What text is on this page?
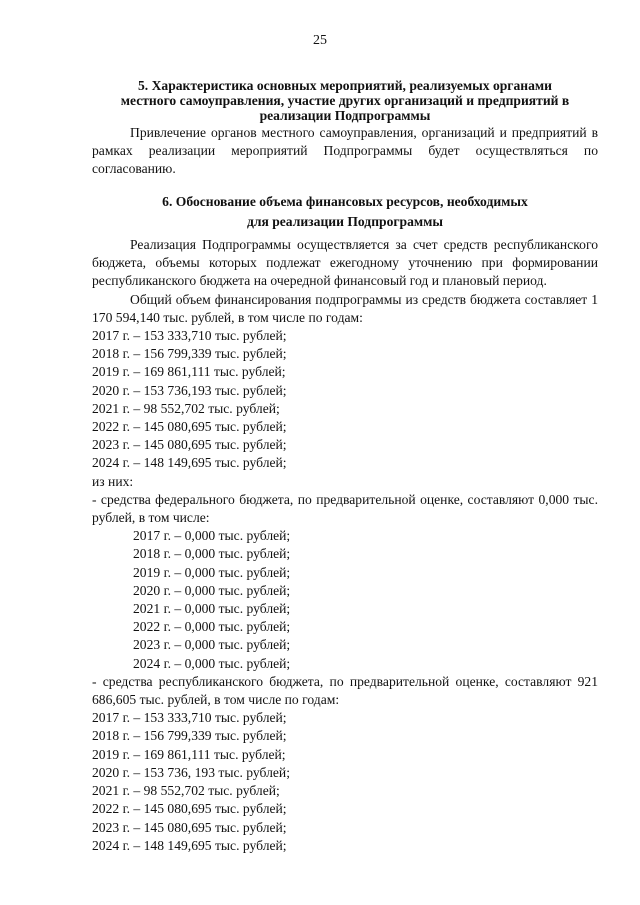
25
5. Характеристика основных мероприятий, реализуемых органами
местного самоуправления, участие других организаций и предприятий в
реализации Подпрограммы

Привлечение органов местного самоуправления, организаций и предприятий в рамках реализации мероприятий Подпрограммы будет осуществляться по согласованию.

6. Обоснование объема финансовых ресурсов, необходимых
для реализации Подпрограммы

Реализация Подпрограммы осуществляется за счет средств республиканского бюджета, объемы которых подлежат ежегодному уточнению при формировании республиканского бюджета на очередной финансовый год и плановый период.

Общий объем финансирования подпрограммы из средств бюджета составляет 1 170 594,140 тыс. рублей, в том числе по годам:

2017 г. – 153 333,710 тыс. рублей;

2018 г. – 156 799,339 тыс. рублей;

2019 г. – 169 861,111 тыс. рублей;

2020 г. – 153 736,193 тыс. рублей;

2021 г. – 98 552,702 тыс. рублей;

2022 г. – 145 080,695 тыс. рублей;

2023 г. – 145 080,695 тыс. рублей;

2024 г. – 148 149,695 тыс. рублей;

из них:

- средства федерального бюджета, по предварительной оценке, составляют 0,000 тыс. рублей, в том числе:

2017 г. – 0,000 тыс. рублей;

2018 г. – 0,000 тыс. рублей;

2019 г. – 0,000 тыс. рублей;

2020 г. – 0,000 тыс. рублей;

2021 г. – 0,000 тыс. рублей;

2022 г. – 0,000 тыс. рублей;

2023 г. – 0,000 тыс. рублей;

2024 г. – 0,000 тыс. рублей;

- средства республиканского бюджета, по предварительной оценке, составляют 921 686,605 тыс. рублей, в том числе по годам:

2017 г. – 153 333,710 тыс. рублей;

2018 г. – 156 799,339 тыс. рублей;

2019 г. – 169 861,111 тыс. рублей;

2020 г. – 153 736, 193 тыс. рублей;

2021 г. – 98 552,702 тыс. рублей;

2022 г. – 145 080,695 тыс. рублей;

2023 г. – 145 080,695 тыс. рублей;

2024 г. – 148 149,695 тыс. рублей;
